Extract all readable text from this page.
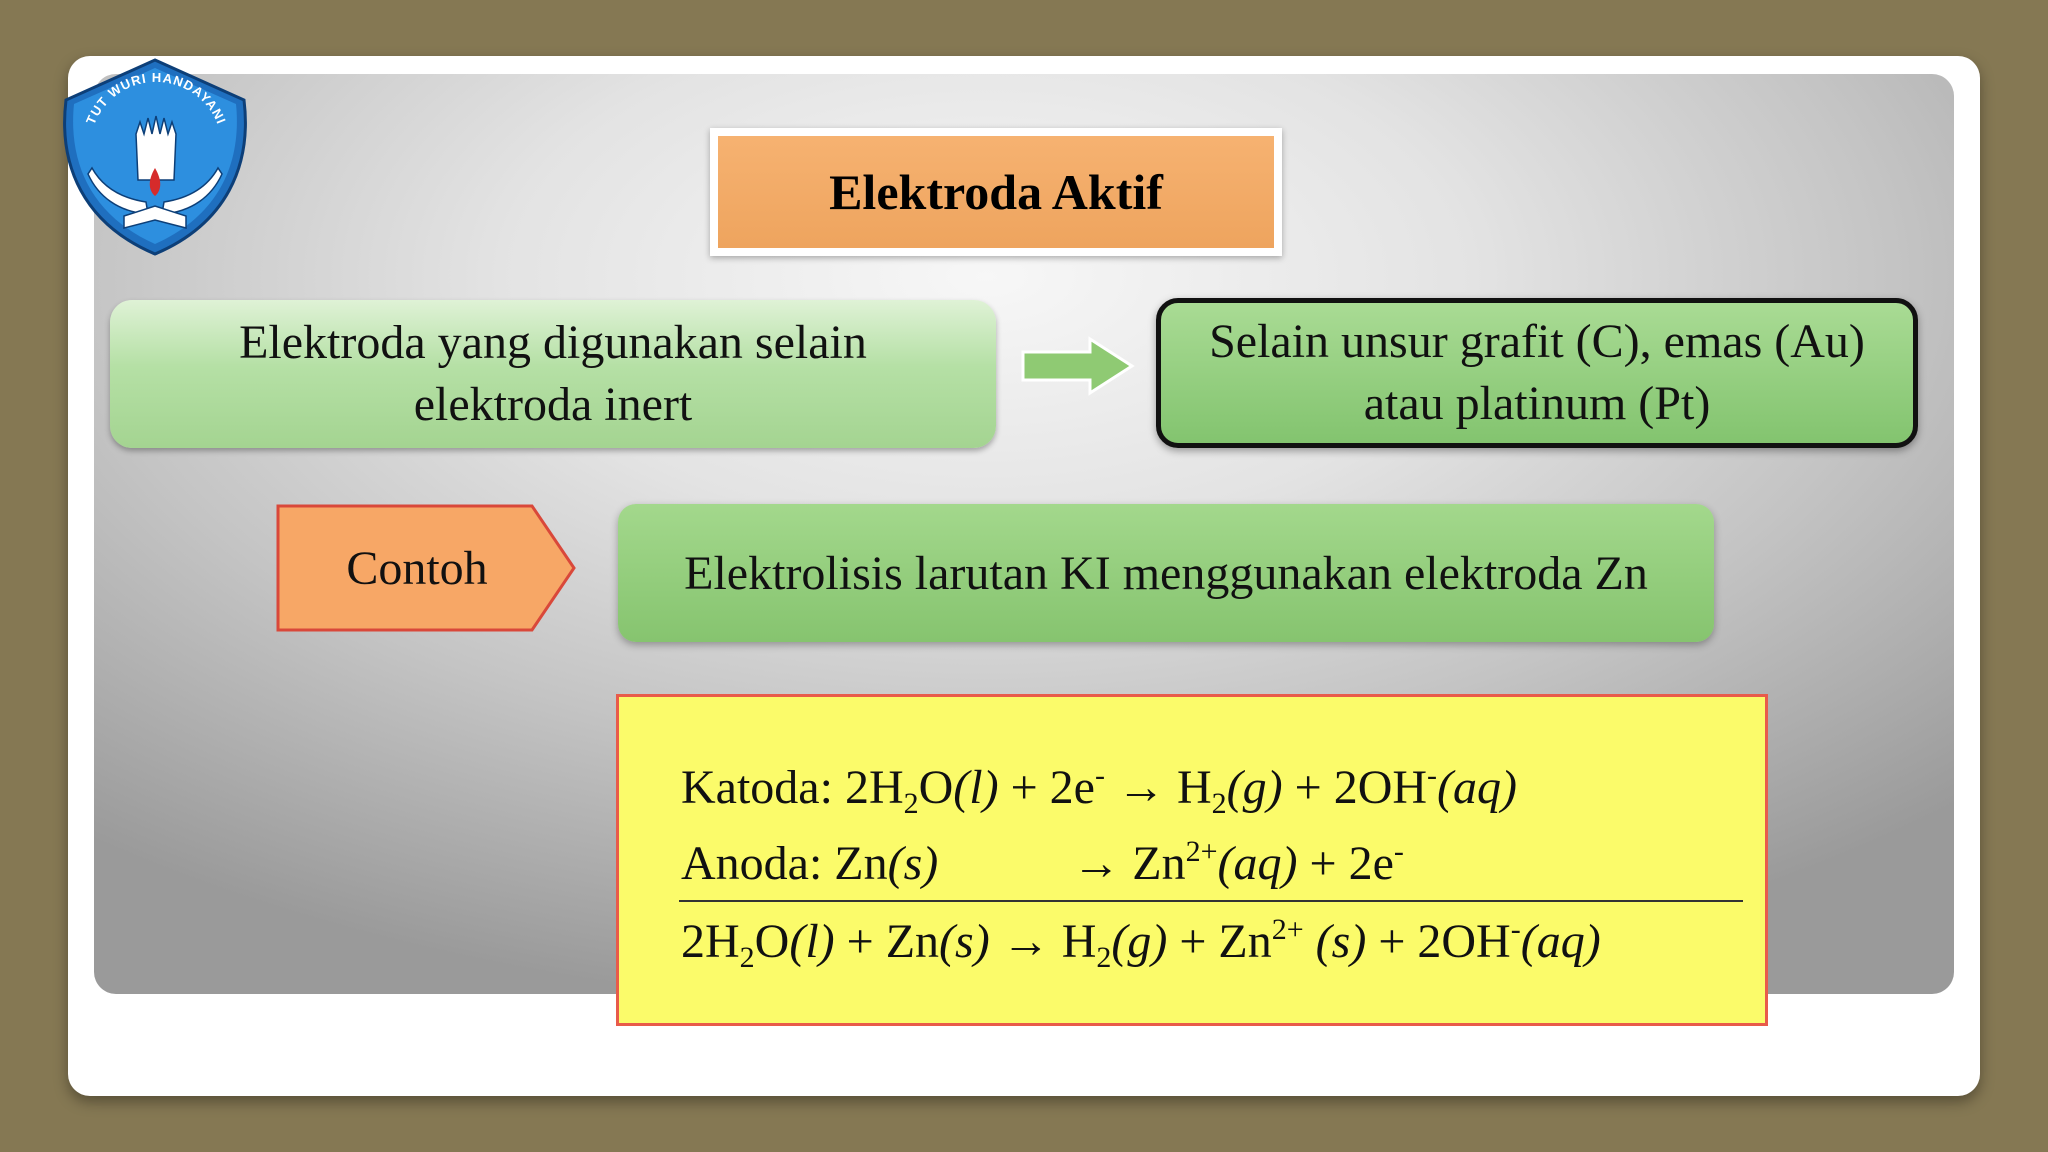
TUT WURI HANDAYANI
Elektroda Aktif
Elektroda yang digunakan selain elektroda inert
Selain unsur grafit (C), emas (Au) atau platinum (Pt)
Contoh	Elektrolisis larutan KI menggunakan elektroda Zn
Katoda: $2H_2O(l) + 2e^- \to H_2(g) + 2OH^-(aq)$
Anoda: Zn(s)	→ $Zn^{2+}(aq) + 2e^-$
$2H_2O(l) + Zn(s) \to H_2(g) + Zn^{2+}$ (s) + 2OH-(aq)
